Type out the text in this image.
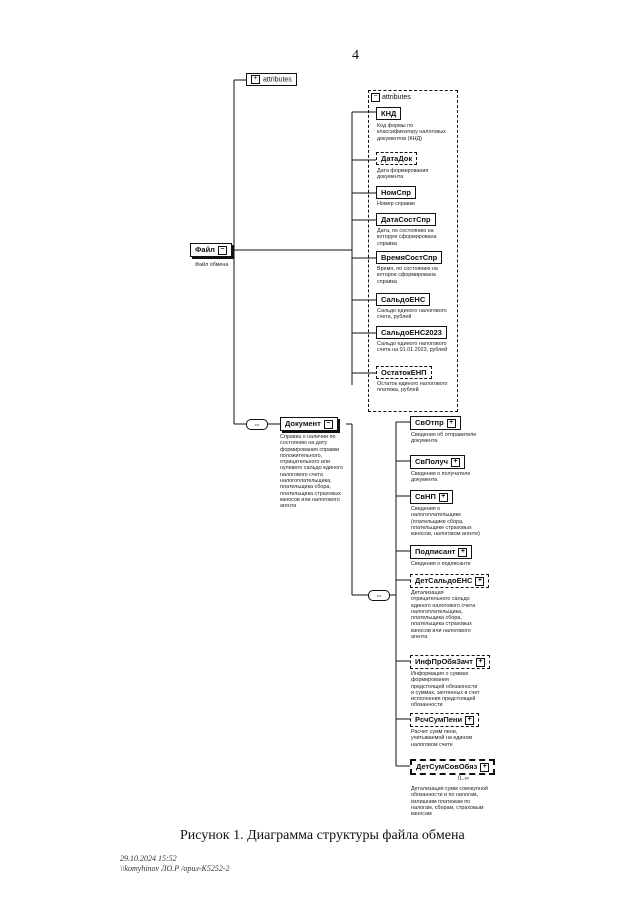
4
+ attributes
Файл −
Файл обмена
− attributes
КНД
Код формы по классификатору налоговых документов (КНД)
ДатаДок
Дата формирования документа
НомСпр
Номер справки
ДатаСостСпр
Дата, по состоянию на которую сформирована справка
ВремяСостСпр
Время, по состоянию на которое сформирована справка
СальдоЕНС
Сальдо единого налогового счета, рублей
СальдоЕНС2023
Сальдо единого налогового счета на 01.01.2023, рублей
ОстатокЕНП
Остаток единого налогового платежа, рублей
•••	Документ −
Справка о наличии по состоянию на дату формирования справки положительного, отрицательного или нулевого сальдо единого налогового счета налогоплательщика, плательщика сбора, плательщика страховых взносов или налогового агента
•••
СвОтпр +
Сведения об отправителе документа
СвПолуч +
Сведения о получателе документа
СвНП +
Сведения о налогоплательщике (плательщике сбора, плательщике страховых взносов, налоговом агенте)
Подписант +
Сведения о подписанте
ДетСальдоЕНС +
Детализация отрицательного сальдо единого налогового счета налогоплательщика, плательщика сбора, плательщика страховых взносов или налогового агента
ИнфПрОбяЗачт +
Информация о суммах формирования предстоящей обязанности и суммах, зачтенных в счет исполнения предстоящей обязанности
РсчСумПени +
Расчет сумм пени, учитываемой на едином налоговом счете
ДетСумСовОбяз +
0..∞
Детализация сумм совокупной обязанности и по налогам, излишним платежам по налогам, сборам, страховым взносам
Рисунок 1. Диаграмма структуры файла обмена
29.10.2024 15:52
\\komyhinov ЛО.Р /орил-К5252-2
